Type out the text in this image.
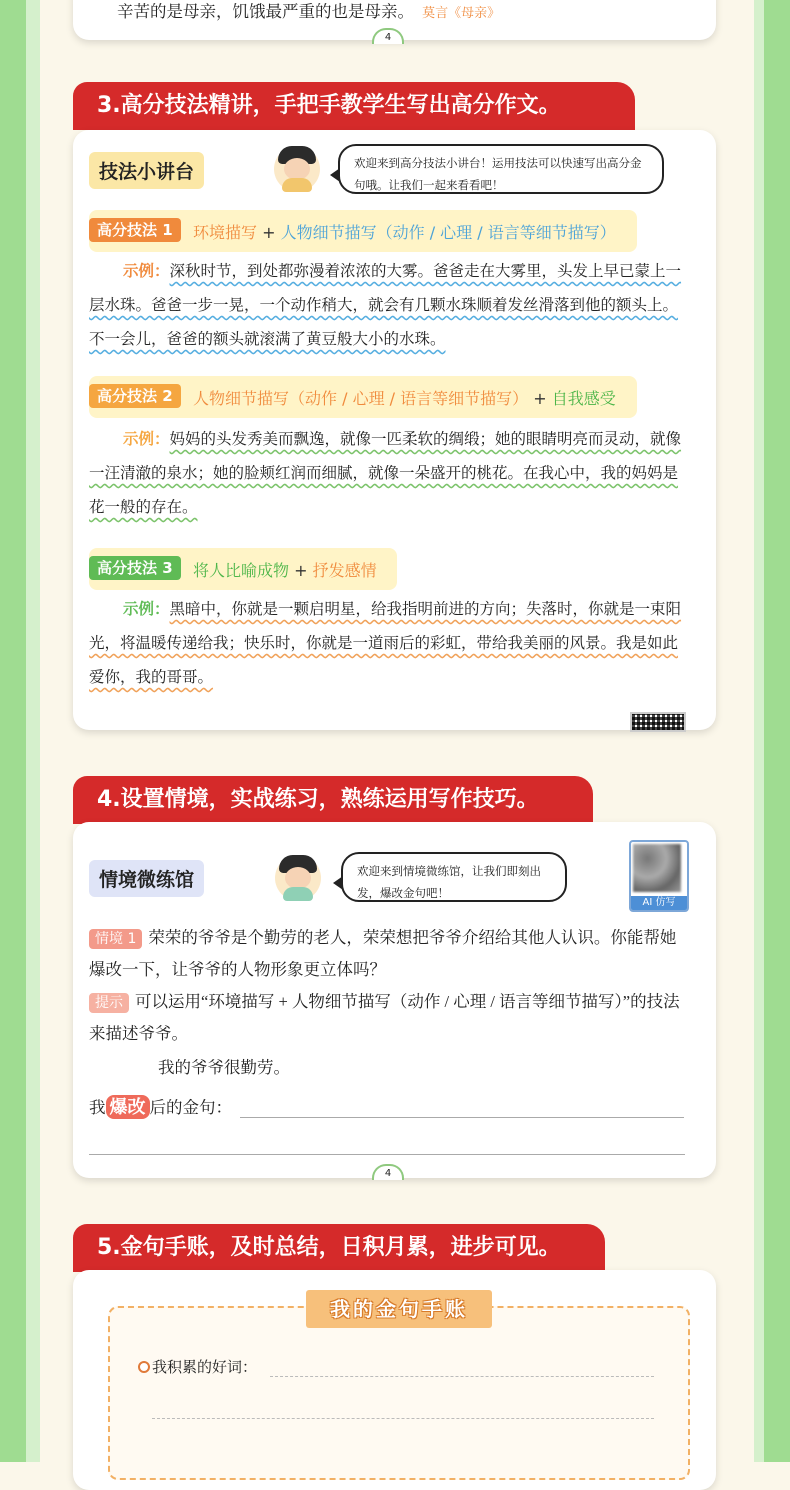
辛苦的是母亲，饥饿最严重的也是母亲。 莫言《母亲》
4
3.高分技法精讲，手把手教学生写出高分作文。
技法小讲台	欢迎来到高分技法小讲台！运用技法可以快速写出高分金句哦。让我们一起来看看吧！
高分技法 1	环境描写 + 人物细节描写（动作 / 心理 / 语言等细节描写）
示例：深秋时节，到处都弥漫着浓浓的大雾。爸爸走在大雾里，头发上早已蒙上一层水珠。爸爸一步一晃，一个动作稍大，就会有几颗水珠顺着发丝滑落到他的额头上。不一会儿，爸爸的额头就滚满了黄豆般大小的水珠。
高分技法 2	人物细节描写（动作 / 心理 / 语言等细节描写） + 自我感受
示例：妈妈的头发秀美而飘逸，就像一匹柔软的绸缎；她的眼睛明亮而灵动，就像一汪清澈的泉水；她的脸颊红润而细腻，就像一朵盛开的桃花。在我心中，我的妈妈是花一般的存在。
高分技法 3	将人比喻成物 + 抒发感情
示例：黑暗中，你就是一颗启明星，给我指明前进的方向；失落时，你就是一束阳光，将温暖传递给我；快乐时，你就是一道雨后的彩虹，带给我美丽的风景。我是如此爱你，我的哥哥。
4.设置情境，实战练习，熟练运用写作技巧。
情境微练馆	欢迎来到情境微练馆，让我们即刻出发，爆改金句吧！
AI 仿写
情境 1 荣荣的爷爷是个勤劳的老人，荣荣想把爷爷介绍给其他人认识。你能帮她爆改一下，让爷爷的人物形象更立体吗？
提示 可以运用“环境描写 + 人物细节描写（动作 / 心理 / 语言等细节描写）”的技法来描述爷爷。
我的爷爷很勤劳。
我 爆改 后的金句：
4
5.金句手账，及时总结，日积月累，进步可见。
我的金句手账
我积累的好词：
